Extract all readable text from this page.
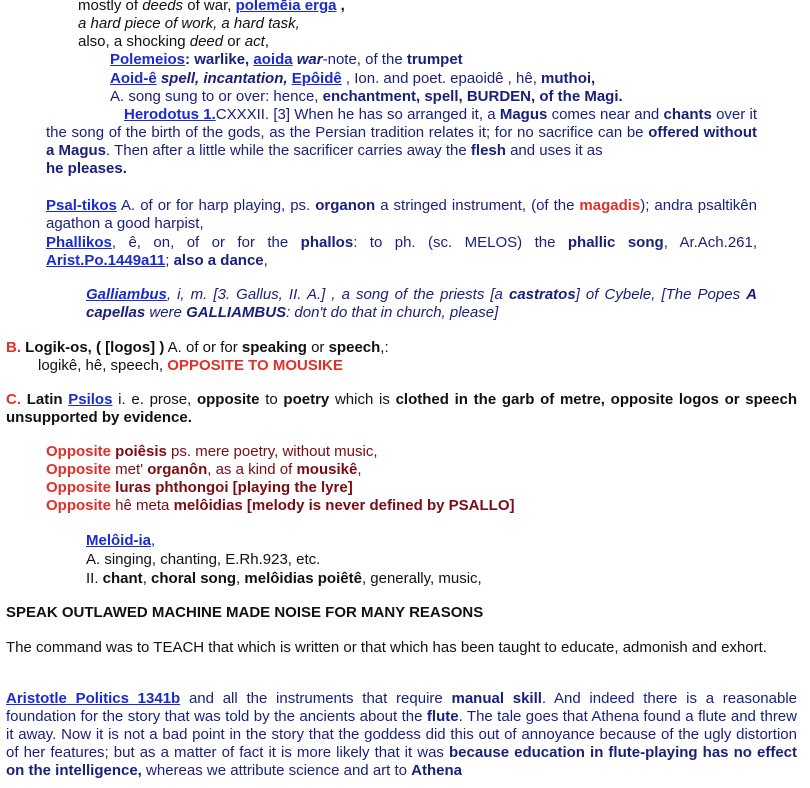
mostly of deeds of war, polemēia erga ,
a hard piece of work, a hard task,
also, a shocking deed or act,
Polemeios: warlike, aoida war-note, of the trumpet
Aoid-ê spell, incantation, Epôidê , Ion. and poet. epaoidê , hê, muthoi,
A. song sung to or over: hence, enchantment, spell, BURDEN, of the Magi.
Herodotus 1.CXXXII. [3] When he has so arranged it, a Magus comes near and chants over it the song of the birth of the gods, as the Persian tradition relates it; for no sacrifice can be offered without a Magus. Then after a little while the sacrificer carries away the flesh and uses it as
he pleases.
Psal-tikos A. of or for harp playing, ps. organon a stringed instrument, (of the magadis); andra psaltikên agathon a good harpist,
Phallikos, ê, on, of or for the phallos: to ph. (sc. MELOS) the phallic song, Ar.Ach.261, Arist.Po.1449a11; also a dance,
Galliambus, i, m. [3. Gallus, II. A.] , a song of the priests [a castratos] of Cybele, [The Popes A capellas were GALLIAMBUS: don't do that in church, please]
B. Logik-os, ( [logos] ) A. of or for speaking or speech,:
logikê, hê, speech, OPPOSITE TO MOUSIKE
C. Latin Psilos i. e. prose, opposite to poetry which is clothed in the garb of metre, opposite logos or speech unsupported by evidence.
Opposite poiêsis ps. mere poetry, without music,
Opposite met' organôn, as a kind of mousikê,
Opposite luras phthongoi [playing the lyre]
Opposite hê meta melôidias [melody is never defined by PSALLO]
Melôid-ia,
A. singing, chanting, E.Rh.923, etc.
II. chant, choral song, melôidias poiêtê, generally, music,
SPEAK OUTLAWED MACHINE MADE NOISE FOR MANY REASONS
The command was to TEACH that which is written or that which has been taught to educate, admonish and exhort.
Aristotle Politics 1341b and all the instruments that require manual skill. And indeed there is a reasonable foundation for the story that was told by the ancients about the flute. The tale goes that Athena found a flute and threw it away. Now it is not a bad point in the story that the goddess did this out of annoyance because of the ugly distortion of her features; but as a matter of fact it is more likely that it was because education in flute-playing has no effect on the intelligence, whereas we attribute science and art to Athena
